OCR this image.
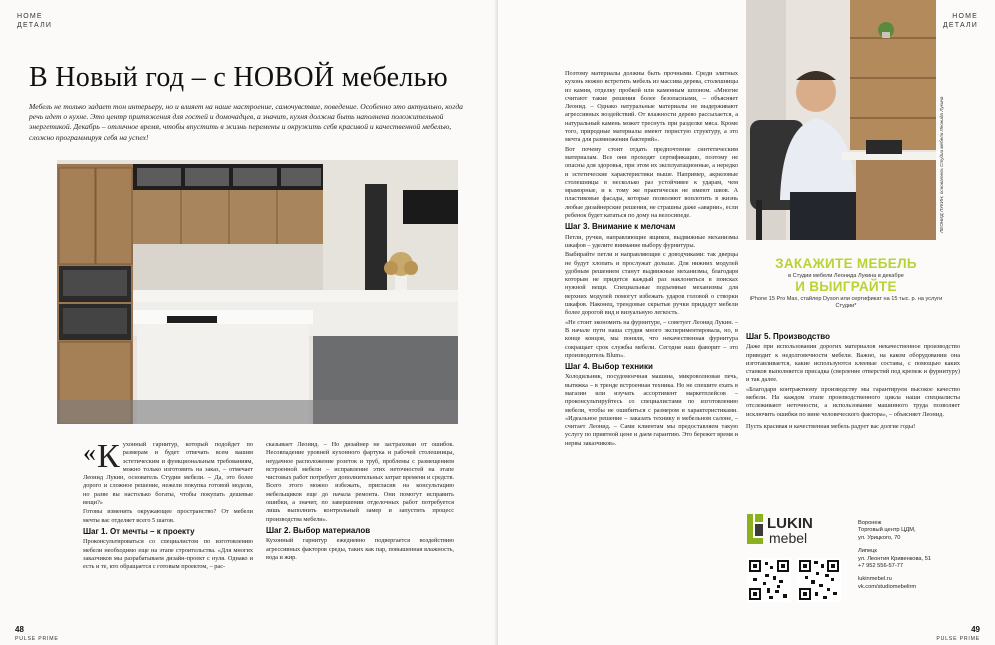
HOME
ДЕТАЛИ
В Новый год – с НОВОЙ мебелью

Мебель не только задает тон интерьеру, но и влияет на наше настроение, самочувствие, поведение. Особенно это актуально, когда речь идет о кухне. Это центр притяжения для гостей и домочадцев, а значит, кухня должна быть наполнена положительной энергетикой. Декабрь – отличное время, чтобы впустить в жизнь перемены и окружить себя красивой и качественной мебелью, сложно программируя себя на успех!

« К ухонный гарнитур, который подойдет по размерам и будет отвечать всем вашим эстетическим и функциональным требованиям, можно только изготовить на заказ, – отмечает Леонид Лукин, основатель Студии мебели. – Да, это более дорого и сложное решение, нежели покупка готовой модели, но разве вы настолько богаты, чтобы покупать дешевые вещи?»

Готовы изменить окружающее пространство? От мебели мечты вас отделяет всего 5 шагов.

Шаг 1. От мечты – к проекту

Проконсультироваться со специалистом по изготовлению мебели необходимо еще на этапе строительства. «Для многих заказчиков мы разрабатываем дизайн-проект с нуля. Однако и есть и те, кто обращается с готовым проектом, – рас-

сказывает Леонид. – Но дизайнер не застрахован от ошибок. Несовпадение уровней кухонного фартука и рабочей столешницы, неудачное расположение розеток и труб, проблемы с размещением встроенной мебели – исправление этих неточностей на этапе чистовых работ потребует дополнительных затрат времени и средств. Всего этого можно избежать, пригласив на консультацию мебельщиков еще до начала ремонта. Они помогут исправить ошибки, а значит, по завершении отделочных работ потребуется лишь выполнить контрольный замер и запустить процесс производства мебели».

Шаг 2. Выбор материалов

Кухонный гарнитур ежедневно подвергается воздействию агрессивных факторов среды, таких как пар, повышенная влажность, вода и жир.

48
PULSE PRIME

Поэтому материалы должны быть прочными. Среди элитных кухонь можно встретить мебель из массива дерева, столешницы из камня, отделку пробкой или каменным шпоном. «Многие считают такие решения более безопасными, – объясняет Леонид. – Однако натуральные материалы не выдерживают агрессивных воздействий. От влажности дерево рассыхается, а натуральный камень может треснуть при разделке мяса. Кроме того, природные материалы имеют пористую структуру, а это мечта для размножения бактерий».

Вот почему стоит отдать предпочтение синтетическим материалам. Все они проходят сертификацию, поэтому не опасны для здоровья, при этом их эксплуатационные, а нередко и эстетические характеристики выше. Например, акриловые столешницы в несколько раз устойчивее к ударам, чем мраморные, и к тому же практически не имеют швов. А пластиковые фасады, которые позволяют воплотить в жизнь любые дизайнерские решения, не страшны даже «аварии», если ребенок будет кататься по дому на велосипеде.

Шаг 3. Внимание к мелочам

Петли, ручки, направляющие ящиков, выдвижные механизмы шкафов – уделите внимание выбору фурнитуры.

Выбирайте петли и направляющие с доводчиками: так дверцы не будут хлопать и прослужат дольше. Для нижних модулей удобным решением станут выдвижные механизмы, благодаря которым не придется каждый раз наклоняться в поисках нужной вещи. Специальные подъемные механизмы для верхних модулей помогут избежать ударов головой о створки шкафов. Наконец, трендовые скрытые ручки придадут мебели более дорогой вид и визуальную легкость.

«Не стоит экономить на фурнитуре, – советует Леонид Лукин. – В начале пути наша студия много экспериментировала, но, в конце концов, мы поняли, что некачественная фурнитура сокращает срок службы мебели. Сегодня наш фаворит – это производитель Blum».

Шаг 4. Выбор техники

Холодильник, посудомоечная машина, микроволновая печь, вытяжка – в тренде встроенная техника. Но не спешите ехать в магазин или изучать ассортимент маркетплейсов – проконсультируйтесь со специалистами по изготовлению мебели, чтобы не ошибиться с размером и характеристиками. «Идеальное решение – заказать технику в мебельном салоне, – считает Леонид. – Сами клиентам мы предоставляем такую услугу по приятной цене и даем гарантию. Это бережет время и нервы заказчиков».

ЛЕОНИД ЛУКИН, основатель Студии мебели Леонида Лукина
ЗАКАЖИТЕ МЕБЕЛЬ
в Студии мебели Леонида Лукина в декабре
И ВЫИГРАЙТЕ
iPhone 15 Pro Max, стайлер Dyson или сертификат на 15 тыс. р. на услуги Студии*
Шаг 5. Производство

Даже при использовании дорогих материалов некачественное производство приводит к недолговечности мебели. Важно, на каком оборудовании она изготавливается, какие используются клеевые составы, с помощью каких станков выполняется присадка (сверление отверстий под крепеж и фурнитуру) и так далее.

«Благодаря контрактному производству мы гарантируем высокое качество мебели. На каждом этапе производственного цикла наши специалисты отслеживают неточности, а использование машинного труда позволяет исключить ошибки по вине человеческого фактора», – объясняет Леонид.

Пусть красивая и качественная мебель радует вас долгие годы!

LUKIN
mebel
Воронеж
Торговый центр ЦДМ,
ул. Урицкого, 70
Липецк
ул. Леонтия Кривенкова, 51
+7 952 556-57-77
lukinmebel.ru
vk.com/studiomebelirm
HOME
ДЕТАЛИ
49
PULSE PRIME
